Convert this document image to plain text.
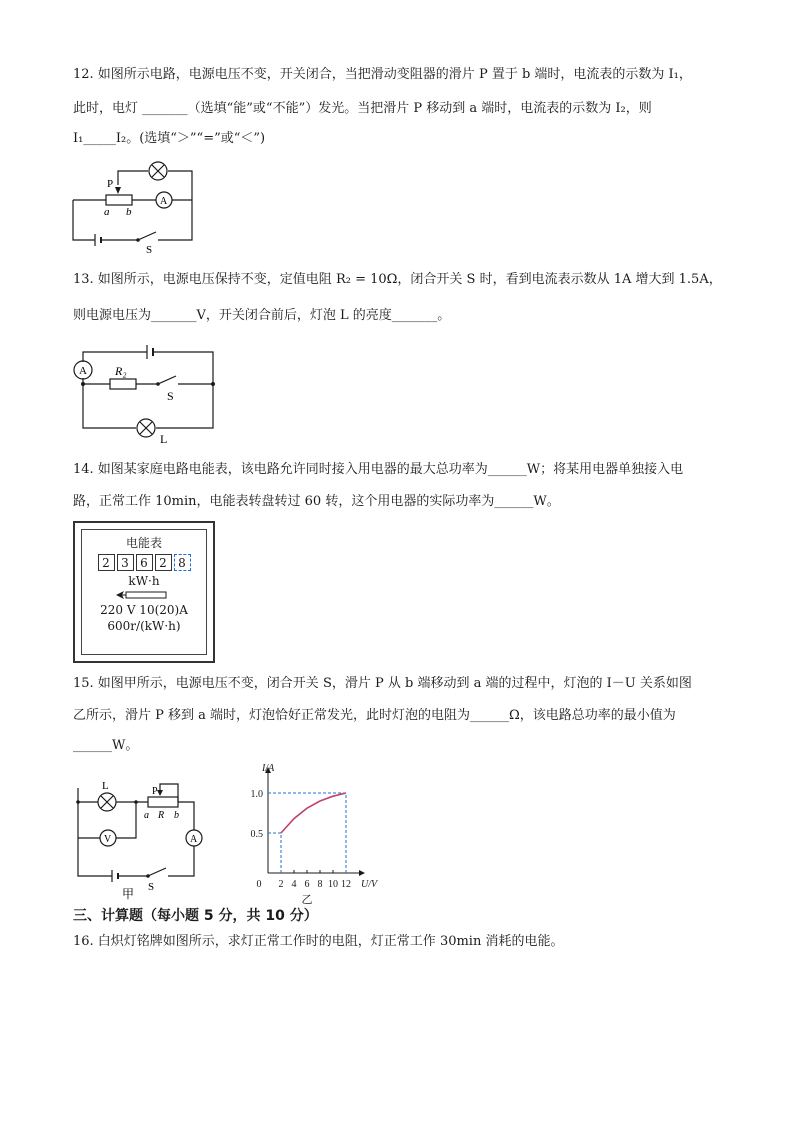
12. 如图所示电路，电源电压不变，开关闭合，当把滑动变阻器的滑片 P 置于 b 端时，电流表的示数为 I₁，
此时，电灯 _______（选填“能”或“不能”）发光。当把滑片 P 移动到 a 端时，电流表的示数为 I₂，则
I₁_____I₂。(选填“＞”“=”或“＜”)
P
a b
A
S
13. 如图所示，电源电压保持不变，定值电阻 R₂ = 10Ω，闭合开关 S 时，看到电流表示数从 1A 增大到 1.5A，
则电源电压为_______V，开关闭合前后，灯泡 L 的亮度_______。
A R₂
S
L
14. 如图某家庭电路电能表，该电路允许同时接入用电器的最大总功率为______W；将某用电器单独接入电
路，正常工作 10min，电能表转盘转过 60 转，这个用电器的实际功率为______W。
电能表
2 3 6 2 8
kW·h
220 V 10(20)A
600r/(kW·h)
15. 如图甲所示，电源电压不变，闭合开关 S，滑片 P 从 b 端移动到 a 端的过程中，灯泡的 I－U 关系如图
乙所示，滑片 P 移到 a 端时，灯泡恰好正常发光，此时灯泡的电阻为______Ω，该电路总功率的最小值为
______W。
L	P
a R b
V	A
S
甲
0 2 4 6 8 10 12
0.5
1.0
U/V
I/A
乙
三、计算题（每小题 5 分，共 10 分）
16. 白炽灯铭牌如图所示，求灯正常工作时的电阻，灯正常工作 30min 消耗的电能。
